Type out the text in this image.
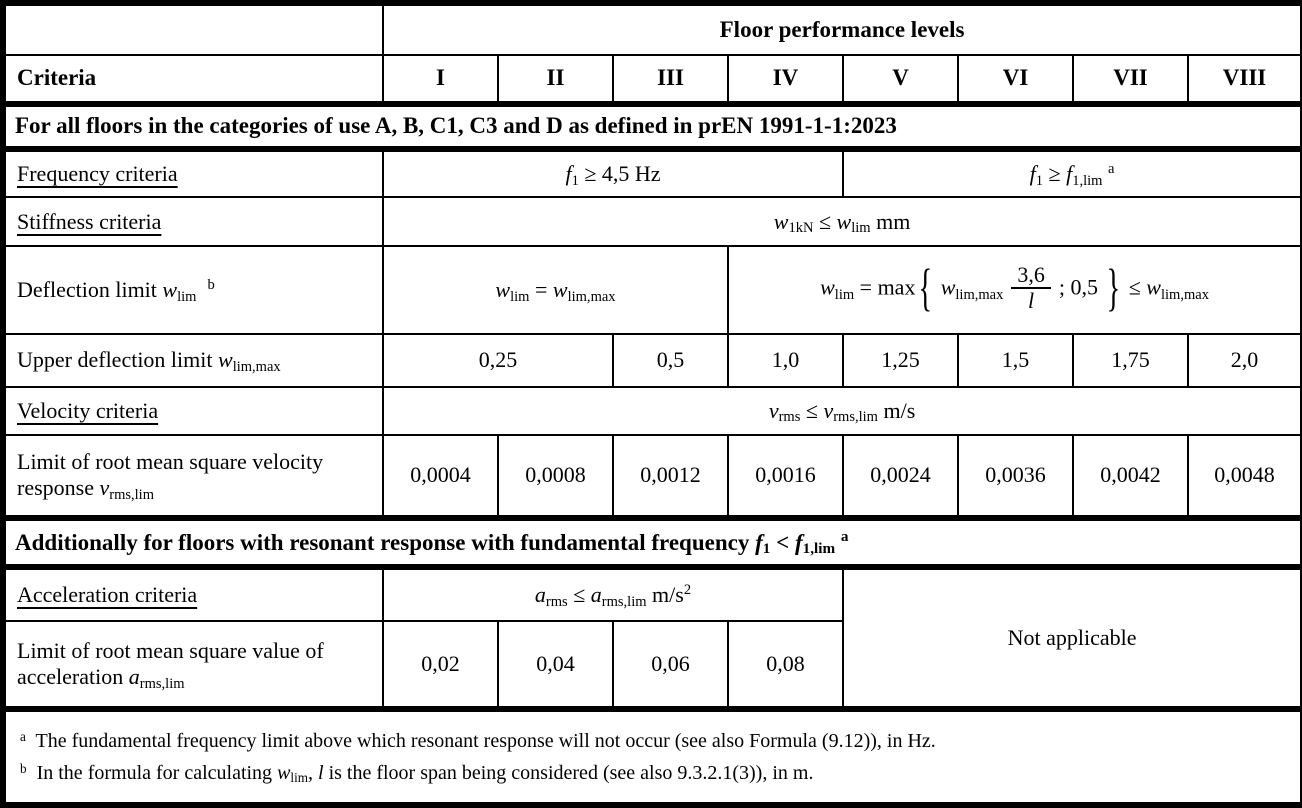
	Floor performance levels							
Criteria	I	II	III	IV	V	VI	VII	VIII
For all floors in the categories of use A, B, C1, C3 and D as defined in prEN 1991-1-1:2023								
Frequency criteria	f1 ≥ 4,5 Hz				f1 ≥ f1,lim $^a$
Stiffness criteria	w1kN ≤ wlim mm							
Deflection limit wlim  $^b$	wlim = wlim,max			wlim = max { $wlim,\max \frac{3,6}{l}$ ; 0,5 } ≤ wlim,max				
Upper deflection limit wlim,max	0,25		0,5	1,0	1,25	1,5	1,75	2,0
Velocity criteria	vrms ≤ vrms,lim m/s							
Limit of root mean square velocity response vrms,lim	0,0004	0,0008	0,0012	0,0016	0,0024	0,0036	0,0042	0,0048
Additionally for floors with resonant response with fundamental frequency f1 < f1,lim $^a$
Acceleration criteria	arms ≤ arms,lim $m/s^2$				Not applicable			
Limit of root mean square value of acceleration arms,lim	0,02	0,04	0,06	0,08				

$^a$  The fundamental frequency limit above which resonant response will not occur (see also Formula (9.12)), in Hz.
$^b$  In the formula for calculating wlim, l is the floor span being considered (see also 9.3.2.1(3)), in m.								
